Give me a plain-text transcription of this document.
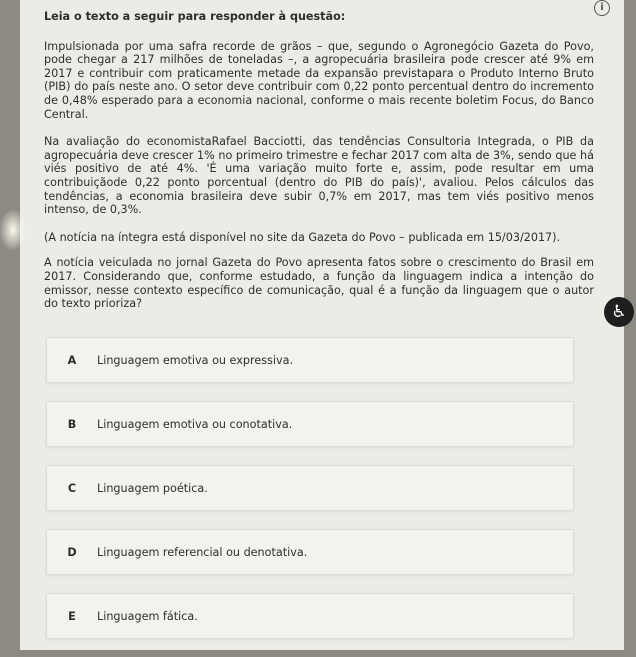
i

Leia o texto a seguir para responder à questão:

Impulsionada por uma safra recorde de grãos – que, segundo o Agronegócio Gazeta do Povo, pode chegar a 217 milhões de toneladas –, a agropecuária brasileira pode crescer até 9% em 2017 e contribuir com praticamente metade da expansão previstapara o Produto Interno Bruto (PIB) do país neste ano. O setor deve contribuir com 0,22 ponto percentual dentro do incremento de 0,48% esperado para a economia nacional, conforme o mais recente boletim Focus, do Banco Central.

Na avaliação do economistaRafael Bacciotti, das tendências Consultoria Integrada, o PIB da agropecuária deve crescer 1% no primeiro trimestre e fechar 2017 com alta de 3%, sendo que há viés positivo de até 4%. 'É uma variação muito forte e, assim, pode resultar em uma contribuiçãode 0,22 ponto porcentual (dentro do PIB do país)', avaliou. Pelos cálculos das tendências, a economia brasileira deve subir 0,7% em 2017, mas tem viés positivo menos intenso, de 0,3%.

(A notícia na íntegra está disponível no site da Gazeta do Povo – publicada em 15/03/2017).

A notícia veiculada no jornal Gazeta do Povo apresenta fatos sobre o crescimento do Brasil em 2017. Considerando que, conforme estudado, a função da linguagem indica a intenção do emissor, nesse contexto específico de comunicação, qual é a função da linguagem que o autor do texto prioriza?

A	Linguagem emotiva ou expressiva.
B	Linguagem emotiva ou conotativa.
C	Linguagem poética.
D	Linguagem referencial ou denotativa.
E	Linguagem fática.
♿
